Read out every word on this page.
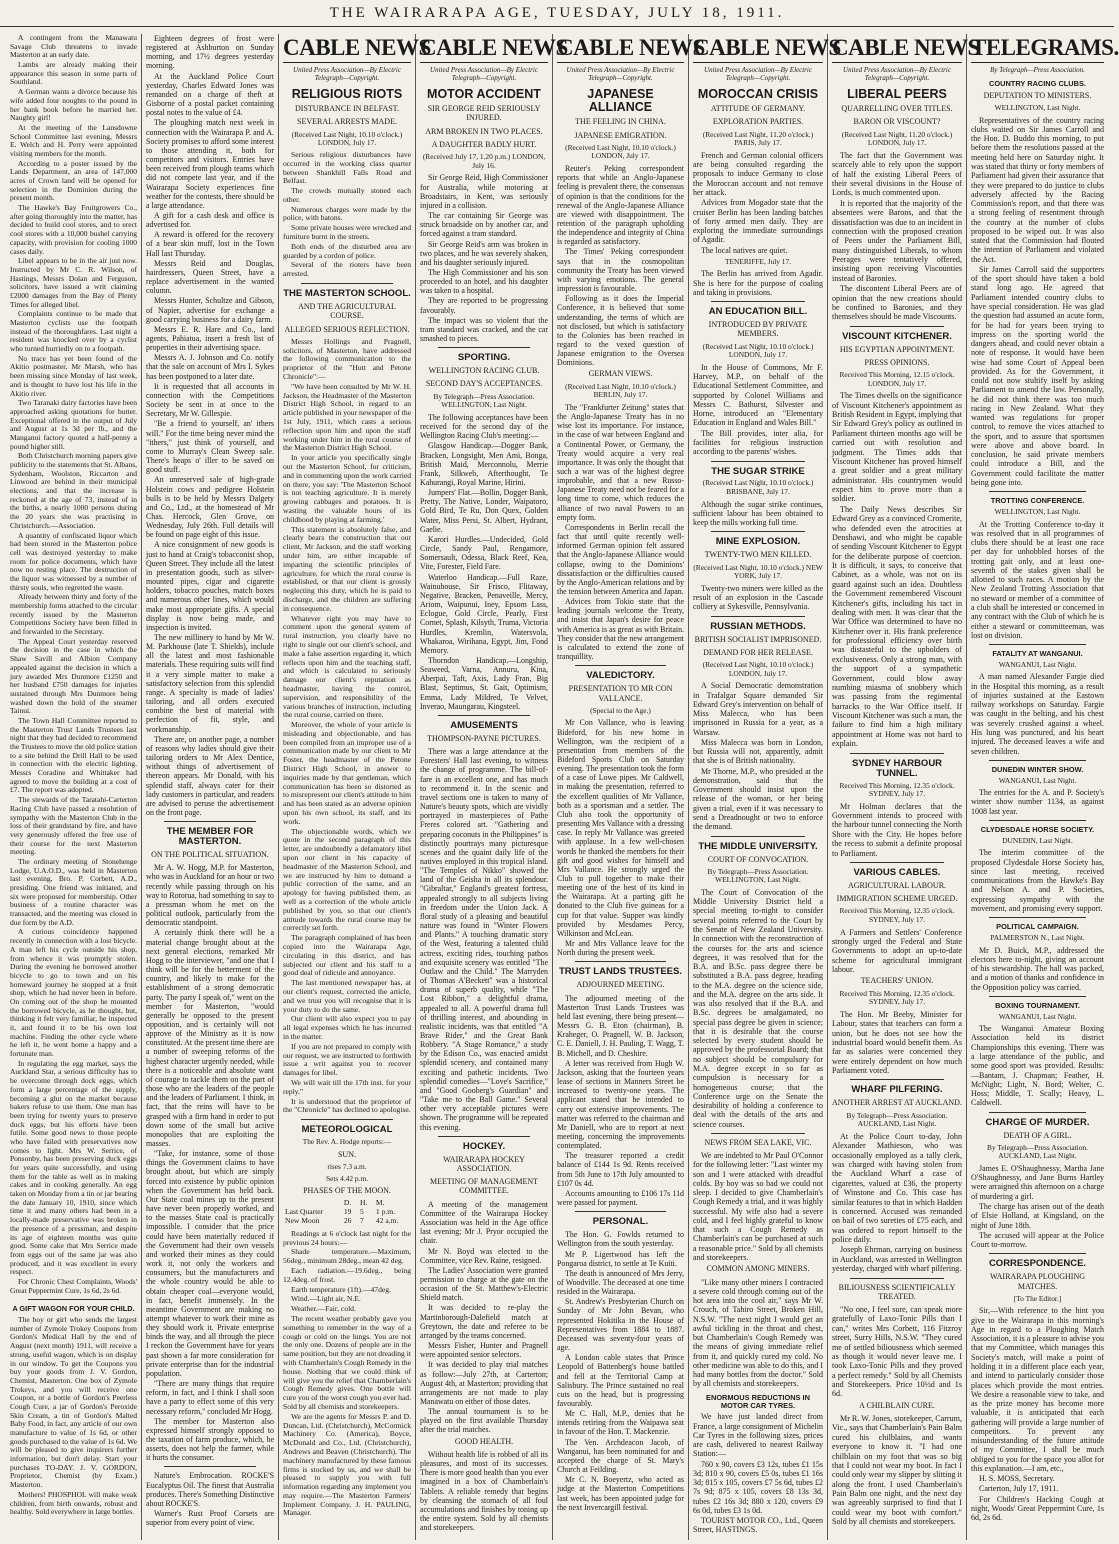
THE WAIRARAPA AGE, TUESDAY, JULY 18, 1911.

A contingent from the Manawatu Savage Club threatens to invade Masterton at an early date.

Lambs are already making their appearance this season in some parts of Southland.

A German wants a divorce because his wife added four noughts to the pound in her bank book before he married her. Naughty girl!

At the meeting of the Lansdowne School Committee last evening, Messrs E. Welch and H. Perry were appointed visiting members for the month.

According to a poster issued by the Lands Department, an area of 147,000 acres of Crown land will be opened for selection in the Dominion during the present month.

The Hawke's Bay Fruitgrowers Co., after going thoroughly into the matter, has decided to build cool stores, and to erect cool stores with a 10,000 bushel carrying capacity, with provision for cooling 1000 cases daily.

Libel appears to be in the air just now. Instructed by Mr C. R. Wilson, of Hastings, Messrs Dolan and Ferguson, solicitors, have issued a writ claiming £2000 damages from the Bay of Plenty Times for alleged libel.

Complaints continue to be made that Masterton cyclists use the footpath instead of the thoroughfares. Last night a resident was knocked over by a cyclist who turned hurriedly on to a footpath.

No trace has yet been found of the Akitio postmaster, Mr Marsh, who has been missing since Monday of last week, and is thought to have lost his life in the Akitio river.

Two Taranaki dairy factories have been approached asking quotations for butter. Exceptional offered in the output of July and August at 1s 3d per lb., and the Manganui factory quoted a half-penny a pound higher still.

Both Christchurch morning papers give publicity to the statements that St. Albans, Sydenham, Woolston, Riccarton and Linwood are behind in their municipal elections, and that the increase is reckoned at the age of 73, instead of in the births, a nearly 1000 persons during the 20 years she was practising in Christchurch.—Association.

A quantity of confiscated liquor which had been stored in the Masterton police cell was destroyed yesterday to make room for police documents, which have now no resting place. The destruction of the liquor was witnessed by a number of thirsty souls, who regretted the waste.

Already between thirty and forty of the membership forms attached to the circular recently issued by the Masterton Competitions Society have been filled in and forwarded to the Secretary.

The Appeal Court yesterday reserved the decision in the case in which the Shaw Savill and Albion Company appealed against the decision in which a jury awarded Mrs Dunmore £1250 and her husband £750 damages for injuries sustained through Mrs Dunmore being washed down the hold of the steamer Tainui.

The Town Hall Committee reported to the Masterton Trust Lands Trustees last night that they had decided to recommend the Trustees to move the old police station to a site behind the Drill Hall to be used in connection with the electric lighting. Messrs Coradine and Whittaker had agreed to move the building at a cost of £7. The report was adopted.

The stewards of the Taratahi-Carterton Racing Club have passed a resolution of sympathy with the Masterton Club in the loss of their grandstand by fire, and have very generously offered the free use of their course for the next Masterton meeting.

The ordinary meeting of Stonehenge Lodge, U.A.O.D., was held in Masterton last evening, Bro. P. Corbett, A.D., presiding. One friend was initiated, and six were proposed for membership. Other business of a routine character was transacted, and the meeting was closed in due form by the A.D.

A curious coincidence happened recently in connection with a lost bicycle. A man left his cycle outside his shop, from whence it was promptly stolen. During the evening he borrowed another bicycle to go to town and on his homeward journey he stopped at a fruit shop, which he had never been in before. On coming out of the shop he mounted the borrowed bicycle, as he thought, but, thinking it felt very familiar, he inspected it, and found it to be his own lost machine. Finding the other cycle where he left it, he went home a happy and a fortunate man.

In regulating the egg market, says the Auckland Star, a serious difficulty has to be overcome through dock eggs, which form a large percentage of the supply, becoming a glut on the market because bakers refuse to use them. One man has been trying for twenty years to preserve duck eggs, but his efforts have been futile. Some good news to those people who have failed with preservatives now comes to light. Mrs W. Serrice, of Ponsonby, has been preserving duck eggs for years quite successfully, and using them for the table as well as in making cakes and in cooking generally. An egg taken on Monday from a tin or jar bearing the date January 10, 1910, since which time it and many others had been in a locally-made preservative was broken in the presence of a pressman, and despite its age of eighteen months was quite good. Some cake that Mrs Serrice made from eggs out of the same jar was also produced, and it was excellent in every respect.

For Chronic Chest Complaints, Woods' Great Peppermint Cure, 1s 6d, 2s 6d.

A GIFT WAGON FOR YOUR CHILD.

The boy or girl who sends the largest number of Zymole Trokey Coupons from Gordon's Medical Hall by the end of August (next month) 1911, will receive a strong, useful wagon, which is on display in our window. To get the Coupons you buy your goods from J. V. Gordon, Chemist, Masterton. One box of Zymole Trokeys, and you will receive one Coupon, or a bottle of Gordon's Peerless Cough Cure, a jar of Gordon's Peroxide Skin Cream, a tin of Gordon's Malted Baby Food, in fact, any article of our own manufacture to value of 1s 6d, or other goods purchased to the value of 1s 6d. We will be pleased to give inquirers further information, but don't delay. Start your purchases TO-DAY. J. V. GORDON, Proprietor, Chemist (by Exam.) Masterton.

Mothers! PHOSPHOL will make weak children, from birth onwards, robust and healthy. Sold everywhere in large bottles.

Eighteen degrees of frost were registered at Ashburton on Sunday morning, and 17½ degrees yesterday morning.

At the Auckland Police Court yesterday, Charles Edward Jones was remanded on a charge of theft at Gisborne of a postal packet containing postal notes to the value of £4.

The ploughing match next week in connection with the Wairarapa P. and A. Society promises to afford some interest to those attending it, both for competitors and visitors. Entries have been received from plough teams which did not compete last year, and if the Wairarapa Society experiences fine weather for the contests, there should be a large attendance.

A gift for a cash desk and office is advertised for.

A reward is offered for the recovery of a bear skin muff, lost in the Town Hall last Thursday.

Messrs Reid and Douglas, hairdressers, Queen Street, have a replace advertisement in the wanted column.

Messrs Hunter, Schultze and Gibson, of Napier, advertise for exchange a good carrying business for a dairy farm.

Messrs E. R. Hare and Co., land agents, Pahiatua, insert a fresh list of properties in their advertising space.

Messrs A. J. Johnson and Co. notify that the sale on account of Mrs I. Sykes has been postponed to a later date.

It is requested that all accounts in connection with the Competitions Society be sent in at once to the Secretary, Mr W. Gillespie.

"Be a friend to yourself, an' ithers will." For the time being never mind the "ithers," just think of yourself, and come to Murray's Clean Sweep sale. There's heaps o' iller to be saved on good stuff.

An unreserved sale of high-grade Holstein cows and pedigree Holstein bulls is to be held by Messrs Dalgety and Co., Ltd., at the homestead of Mr Chas. Hercock, Glen Grove, on Wednesday, July 26th. Full details will be found on page eight of this issue.

A nice consignment of new goods is just to hand at Craig's tobacconist shop, Queen Street. They include all the latest in presentation goods, such as silver-mounted pipes, cigar and cigarette holders, tobacco pouches, match boxes and numerous other lines, which would make most appropriate gifts. A special display is now being made, and inspection is invited.

The new millinery to hand by Mr W. M. Parkhouse (late T. Shields), include all the latest and most fashionable materials. These requiring suits will find it a very simple matter to make a satisfactory selection from this splendid range. A specialty is made of ladies' tailoring, and all orders executed combine the best of material with perfection of fit, style, and workmanship.

There are, on another page, a number of reasons why ladies should give their tailoring orders to Mr Alex Dentice, without things of advertisement of thereon appears. Mr Donald, with his splendid staff, always cater for their lady customers in particular, and readers are advised to peruse the advertisement on the front page.

THE MEMBER FOR MASTERTON.
ON THE POLITICAL SITUATION.

Mr A. W. Hogg, M.P. for Masterton, who was in Auckland for an hour or two recently while passing through on his way to Rotorua, had something to say to a pressman whom he met on the political outlook, particularly from the democratic standpoint.

A certainly think there will be a material change brought about at the next general elections, remarked Mr Hogg to the interviewer, "and one that I think will be for the betterment of the country, and likely to make for the establishment of a strong democratic party. The party I speak of," went on the member for Masterton, "would generally be opposed to the present opposition, and is certainly will not approve of the Ministry as it is now constituted. At the present time there are a number of sweeping reforms of the highest character urgently needed, while there is a noticeable and absolute want of courage to tackle them on the part of those who are the leaders of the people and the leaders of Parliament. I think, in fact, that the reins will have to be grasped with a firm hand in order to put down some of the small but active monopolies that are exploiting the masses.

"Take, for instance, some of those things the Government claims to have brought about, but which are simply forced into existence by public opinion when the Government has held back. Our State coal mines up to the present have never been properly worked, and to the masses State coal is practically impossible. I consider that the price could have been materially reduced if the Government had their own vessels and worked their mines as they could work it, not only the workers and consumers, but the manufacturers and the whole country would be able to obtain cheaper coal—everyone would, in fact, benefit immensely. In the meantime Government are making no attempt whatever to work their mine as they should work it. Private enterprise binds the way, and all through the piece I reckon the Government have for years past shown a far more consideration for private enterprise than for the industrial population.

"There are many things that require reform, in fact, and I think I shall soon have a party to effect some of this very necessary reform," concluded Mr Hogg.

The member for Masterton also expressed himself strongly opposed to the taxation of farm produce, which, he asserts, does not help the farmer, while it hurts the consumer.

Nature's Embrocation. ROCKE'S Eucalyptus Oil. The finest that Australia produces. There's Something Distinctive about ROCKE'S.

Warner's Rust Proof Corsets are superior from every point of view.

CABLE NEWS
United Press Association—By Electric Telegraph—Copyright.
RELIGIOUS RIOTS
DISTURBANCE IN BELFAST.
SEVERAL ARRESTS MADE.
(Received Last Night, 10.10 o'clock.) LONDON, July 17.

Serious religious disturbances have occurred in the working class quarter between Shankhill Falls Road and Belfast.

The crowds mutually stoned each other.

Numerous charges were made by the police, with batons.

Some private houses were wrecked and furniture burnt in the streets.

Both ends of the disturbed area are guarded by a cordon of police.

Several of the rioters have been arrested.

THE MASTERTON SCHOOL.
AND THE AGRICULTURAL COURSE.
ALLEGED SERIOUS REFLECTION.

Messrs Hollings and Pragnell, solicitors, of Masterton, have addressed the following communication to the proprietor of the "Hutt and Petone Chronicle":—

"We have been consulted by Mr W. H. Jackson, the Headmaster of the Masterton District High School, in regard to an article published in your newspaper of the 1st July, 1911, which casts a serious reflection upon him and upon the staff working under him in the rural course of the Masterton District High School.

In your article you specifically single out the Masterton School, for criticism, and in commenting upon the work carried on there, you say: 'The Masterton School is not teaching agriculture. It is merely growing cabbages and potatoes. It is wasting the valuable hours of its childhood by playing at farming.'

This statement is absolutely false, and clearly bears the construction that our client, Mr Jackson, and the staff working under him, are either incapable of imparting the scientific principles of agriculture, for which the rural course is established, or that our client is grossly neglecting this duty, which he is paid to discharge, and the children are suffering in consequence.

Whatever right you may have to comment upon the general system of rural instruction, you clearly have no right to single out our client's school, and make a false assertion regarding it, which reflects upon him and the teaching staff, and which is calculated to seriously damage our client's reputation as headmaster, having the control, supervision, and responsibility of the various branches of instruction, including the rural course, carried on there.

Moreover, the whole of your article is misleading and objectionable, and has been compiled from an improper use of a communication made by our client to Mr Foster, the headmaster of the Petone District High School, in answer to inquiries made by that gentleman, which communication has been so distorted as to misrepresent our client's attitude to him and has been stated as an adverse opinion upon his own school, its staff, and its work.

The objectionable words, which we quote in the second paragraph of this letter, are undoubtedly a defamatory libel upon our client in his capacity of headmaster of the Masterton School, and we are instructed by him to demand a public correction of the same, and an apology for having published them, as well as a correction of the whole article published by you, so that our client's attitude towards the rural course may be correctly set forth.

The paragraph complained of has been copied into the Wairarapa Age, circulating in this district, and has subjected our client and his staff to a good deal of ridicule and annoyance.

The last mentioned newspaper has, at our client's request, corrected the article, and we trust you will recognise that it is your duty to do the same.

Our client will also expect you to pay all legal expenses which he has incurred in the matter.

If you are not prepared to comply with our request, we are instructed to forthwith issue a writ against you to recover damages for libel.

We will wait till the 17th inst. for your reply."

It is understood that the proprietor of the "Chronicle" has declined to apologise.

METEOROLOGICAL
The Rev. A. Hodge reports:—
SUN.
rises 7.3 a.m.
Sets 4.42 p.m.
PHASES OF THE MOON.
	D.	H.	M.
Last Quarter	19	5	1 p.m.
New Moon	26	7	42 a.m.

Readings at 6 o'clock last night for the previous 24 hours:—

Shade temperature.—Maximum, 56deg., minimum 28deg., mean 42 deg.

Each radiation.—19.6deg., being 12.4deg. of frost.

Earth temperature (1ft).—47deg.

Wind.—Light air, N.E.

Weather.—Fair, cold.

The recent weather probably gave you something to remember in the way of a cough or cold on the lungs. You are not the only one. Dozens of people are in the same position, but they are not dreading it with Chamberlain's Cough Remedy in the house. Nothing that we could think of will give you the relief that Chamberlain's Cough Remedy gives. One bottle will cure you of the worst cough you ever had. Sold by all chemists and storekeepers.

We are the agents for Messrs P. and D. Duncan, Ltd. (Christchurch), McCormick Machinery Co. (America), Boyce, McDonald and Co., Ltd. (Christchurch), Andrews and Beaven (Christchurch). The machinery manufactured by these famous firms is stocked by us, and we shall be pleased to supply you with full information regarding any implement you may require.—The Masterton Farmers' Implement Company, J. H. PAULING, Manager.

CABLE NEWS
United Press Association—By Electric Telegraph—Copyright.
MOTOR ACCIDENT
SIR GEORGE REID SERIOUSLY INJURED.
ARM BROKEN IN TWO PLACES.
A DAUGHTER BADLY HURT.
(Received July 17, 1.20 p.m.) LONDON, July 16.

Sir George Reid, High Commissioner for Australia, while motoring at Broadstairs, in Kent, was seriously injured in a collision.

The car containing Sir George was struck broadside on by another car, and forced against a tram standard.

Sir George Reid's arm was broken in two places, and he was severely shaken, and his daughter seriously injured.

The High Commissioner and his son proceeded to an hotel, and his daughter was taken to a hospital.

They are reported to be progressing favourably.

The impact was so violent that the tram standard was cracked, and the car smashed to pieces.

SPORTING.
WELLINGTON RACING CLUB.
SECOND DAY'S ACCEPTANCES.
By Telegraph—Press Association. WELLINGTON, Last Night.

The following acceptances have been received for the second day of the Wellington Racing Club's meeting:—

Glasgow Handicap.—Dogger Bank, Bracken, Longsight, Men Ami, Bonga, British Maid, Merconnolu, Merrie Frank, Silkweb, Afterthought, Te Kahurangi, Royal Marine, Hirini.

Jumpers' Flat.—Bollin, Dogger Bank, Pretty, The Native, Londer, Waipatoro, Gold Bird, Te Ru, Don Quex, Golden Water, Miss Persi, St. Albert, Hydrant, Gaelie.

Karori Hurdles.—Undecided, Gold Circle, Sandy Paul, Rengamore, Somersault, Odessa, Black Reef, Kea, Vite, Forester, Field Fare.

Waterloo Handicap.—Full Raze, Wainuhouse, Sir Frisco, Flitaway, Negative, Bracken, Penaveille, Mercy, Ariom, Waipunui, Iney, Epsom Lass, Eclogue, Gold Circle, Pearly, First Cornet, Splash, Kilsyth, Truma, Victoria Hurdles, Kremlin, Watersvola, Whakaroa, Wirihana, Egypt, Jim, Fond Memory.

Thorndon Handicap.—Longship, Seaweed, Varna, Annuru, Kina, Aberpai, Taft, Axis, Lady Fran, Big Blast, Septimus, St. Gait, Optimism, Emma, Lady Mildred, Te Velvet, Inverao, Maungarau, Kingsteel.

AMUSEMENTS
THOMPSON-PAYNE PICTURES.

There was a large attendance at the Foresters' Hall last evening, to witness the change of programme. The bill-of-fare is an excellent one, and has much to recommend it. In the scenic and travel sections one is taken to many of Nature's beauty spots, which are vividly portrayed in masterpieces of Pathe Freres colored art. "Gathering and preparing coconuts in the Philippines" is distinctly pourtrays many picturesque scenes and the quaint daily life of the natives employed in this tropical island. "The Temples of Nikko" showed the land of the Geisha in all its splendour. "Gibraltar," England's greatest fortress, appealed strongly to all subjects living in freedom under the Union Jack. A floral study of a pleasing and beautiful nature was found in "Winter Flowers and Plants." A touching dramatic story of the West, featuring a talented child actress, exciting rides, touching pathos and exquisite scenery was entitled "The Outlaw and the Child." The Marryden of Thomas A'Beckett" was a historical drama of superb quality, while "The Lost Ribbon," a delightful drama, appealed to all. A powerful drama full of thrilling interest, and abounding in realistic incidents, was that entitled "A Brave Rider," and the Great Bank Robbery. "A Stage Romance," a study by the Edison Co., was enacted amidst splendid scenery, and contained many exciting and pathetic incidents. Two splendid comedies—"Love's Sacrifice," and "Good Gooberg's Guardian" and "Take me to the Ball Game." Several other very acceptable pictures were shown. The programme will be repeated this evening.

HOCKEY.
WAIRARAPA HOCKEY ASSOCIATION.
MEETING OF MANAGEMENT COMMITTEE.

A meeting of the management Committee of the Wairarapa Hockey Association was held in the Age office last evening; Mr J. Pryor occupied the chair.

Mr N. Boyd was elected to the Committee, vice Rev. Raine, resigned.

The Ladies' Association were granted permission to charge at the gate on the occasion of the St. Matthew's-Electric Shield match.

It was decided to re-play the Martinborough-Dalefield match at Greytown, the date and referee to be arranged by the teams concerned.

Messrs Fisher, Hunter and Pragnell were appointed senior selectors.

It was decided to play trial matches as follow:—July 27th, at Carterton; August 4th, at Masterton; providing that arrangements are not made to play Manawatu on either of those dates.

The annual tournament is to be played on the first available Thursday after the trial matches.

GOOD HEALTH.

Without health life is robbed of all its pleasures, and most of its successes. There is more good health than you ever imagined in a box of Chamberlain's Tablets. A reliable remedy that begins by cleansing the stomach of all foul accumulations and finishes by toning up the entire system. Sold by all chemists and storekeepers.

CABLE NEWS
United Press Association—By Electric Telegraph—Copyright.
JAPANESE ALLIANCE
THE FEELING IN CHINA.
JAPANESE EMIGRATION.
(Received Last Night, 10.10 o'clock.) LONDON, July 17.

Reuter's Peking correspondent reports that while an Anglo-Japanese feeling is prevalent there, the consensus of opinion is that the conditions for the renewal of the Anglo-Japanese Alliance are viewed with disappointment. The retention of the paragraph upholding the independence and integrity of China is regarded as satisfactory.

The Times' Peking correspondent says that in the cosmopolitan community the Treaty has been viewed with varying emotions. The general impression is favourable.

Following as it does the Imperial Conference, it is believed that some understanding, the terms of which are not disclosed, but which is satisfactory to the Colonies has been reached in regard to the vexed question of Japanese emigration to the Oversea Dominions.

GERMAN VIEWS.
(Received Last Night, 10.10 o'clock.) BERLIN, July 17.

The "Frankfurter Zeitung" states that the Anglo-Japanese Treaty has in no wise lost its importance. For instance, in the case of war between England and a Continental Power, or Germany, the Treaty would acquire a very real importance. It was only the thought that such a war was of the highest degree improbable, and that a new Russo-Japanese Treaty need not be feared for a long time to come, which reduces the alliance of two naval Powers to an empty form.

Correspondents in Berlin recall the fact that until quite recently well-informed German opinion felt assured that the Anglo-Japanese Alliance would collapse, owing to the Dominions' dissatisfaction or the difficulties caused by the Anglo-American relations and by the tension between America and Japan.

Advices from Tokio state that the leading journals welcome the Treaty, and insist that Japan's desire for peace with America is as great as with Britain. They consider that the new arrangement is calculated to extend the zone of tranquillity.

VALEDICTORY.
PRESENTATION TO MR CON VALLANCE.
(Special to the Age.)

Mr Con Vallance, who is leaving Bideford, for his new home in Wellington, was the recipient of a presentation from members of the Bideford Sports Club on Saturday evening. The presentation took the form of a case of Lowe pipes. Mr Caldwell, in making the presentation, referred to the excellent qualities of Mr Vallance, both as a sportsman and a settler. The Club also took the opportunity of presenting Mrs Vallance with a dressing case. In reply Mr Vallance was greeted with applause. In a few well-chosen words he thanked the members for their gift and good wishes for himself and Mrs Vallance. He strongly urged the Club to pull together to make their meeting one of the best of its kind in the Wairarapa. At a parting gift he donated to the Club five guineas for a cup for that value. Supper was kindly provided by Mesdames Percy, Wilkinson and McLean.

Mr and Mrs Vallance leave for the North during the present week.

TRUST LANDS TRUSTEES.
ADJOURNED MEETING.

The adjourned meeting of the Masterton Trust Lands Trustees was held last evening, there being present—Messrs G. B. Eton (chairman), B. Kraheger, O. Pragnell, W. B. Jackson, C. E. Daniell, J. H. Pauling, T. Wagg, T. B. Michell, and D. Cheshire.

A letter was received from Hugh W. Jackson, asking that the fourteen years lease of sections in Manners Street be increased to twenty-one years. The applicant stated that he intended to carry out extensive improvements. The matter was referred to the chairman and Mr Daniell, who are to report at next meeting, concerning the improvements contemplated.

The treasurer reported a credit balance of £144 1s 9d. Rents received from 5th June to 17th July amounted to £107 0s 4d.

Accounts amounting to £106 17s 11d were passed for payment.

PERSONAL.

The Hon. G. Fowlds returned to Wellington from the south yesterday.

Mr P. Ligertwood has left the Pongaroa district, to settle at Te Kuiti.

The death is announced of Mrs Jerry, of Woodville. The deceased at one time resided in the Wairarapa.

St. Andrew's Presbyterian Church on Sunday of Mr John Bevan, who represented Hokitika in the House of Representatives from 1884 to 1887. Deceased was seventy-four years of age.

A London cable states that Prince Leopold of Battenberg's house battled and fell at the Territorial Camp at Salisbury. The Prince sustained no real cuts on the head, but is progressing favourably.

Mr C. Hall, M.P., denies that he intends retiring from the Waipawa seat in favour of the Hon. T. Mackenzie.

The Ven. Archdeacon Jacob, of Wanganui, has been nominated for and accepted the charge of St. Mary's Church at Feilding.

Mr C. N. Boeyertz, who acted as judge at the Masterton Competitions last week, has been appointed judge for the next Invercargill festival.

CABLE NEWS
United Press Association—By Electric Telegraph—Copyright.
MOROCCAN CRISIS
ATTITUDE OF GERMANY.
EXPLORATION PARTIES.
(Received Last Night, 11.20 o'clock.) PARIS, July 17.

French and German colonial officers are being consulted regarding the proposals to induce Germany to close the Moroccan account and not remove her attack.

Advices from Mogador state that the cruiser Berlin has been landing batches of forty armed men daily. They are exploring the immediate surroundings of Agadir.

The local natives are quiet.

TENERIFFE, July 17.

The Berlin has arrived from Agadir. She is here for the purpose of coaling and taking in provisions.

AN EDUCATION BILL.
INTRODUCED BY PRIVATE MEMBERS.
(Received Last Night, 10.10 o'clock.) LONDON, July 17.

In the House of Commons, Mr F. Harvey, M.P., on behalf of the Educational Settlement Committee, and supported by Colonel Williams and Messrs C. Bathurst, Silvester and Horne, introduced an "Elementary Education in England and Wales Bill."

The Bill provides, inter alia, for facilities for religious instruction according to the parents' wishes.

THE SUGAR STRIKE
(Received Last Night, 10.10 o'clock.) BRISBANE, July 17.

Although the sugar strike continues, sufficient labour has been obtained to keep the mills working full time.

MINE EXPLOSION.
TWENTY-TWO MEN KILLED.
(Received Last Night, 10.10 o'clock.) NEW YORK, July 17.

Twenty-two miners were killed as the result of an explosion in the Cascade colliery at Sykesville, Pennsylvania.

RUSSIAN METHODS.
BRITISH SOCIALIST IMPRISONED.
DEMAND FOR HER RELEASE.
(Received Last Night, 10.10 o'clock.) LONDON, July 17.

A Social Democratic demonstration in Trafalgar Square demanded Sir Edward Grey's intervention on behalf of Miss Malecca, who has been imprisoned in Russia for a year, as a Warsaw.

Miss Malecca was born in London, but Russia will not, apparently, admit that she is of British nationality.

Mr Thorne, M.P., who presided at the demonstration, said that the Government should insist upon the release of the woman, or her being given a trial, even if it was necessary to send a Dreadnought or two to enforce the demand.

THE MIDDLE UNIVERSITY.
COURT OF CONVOCATION.
By Telegraph—Press Association. WELLINGTON, Last Night.

The Court of Convocation of the Middle University District held a special meeting to-night to consider several points referred to the Court by the Senate of New Zealand University. In connection with the reconstruction of the courses for the arts and science degrees, it was resolved that for the B.A. and B.Sc. pass degree there be substituted a B.A. pass degree, heading to the M.A. degree on the science side, and the M.A. degree on the arts side. It was also resolved that if the B.A. and B.Sc. degrees be amalgamated, no special pass degree be given in science; that it is desirable that the course selected by every student should be approved by the professorial Board; that no subject should be compulsory for M.A. degree except in so far as compulsion is necessary for a homogeneous course; that the Conference urge on the Senate the desirability of holding a conference to deal with the details of the arts and science courses.

NEWS FROM SEA LAKE, VIC.

We are indebted to Mr Paul O'Connor for the following letter: "Last winter my son and I were attacked with dreadful colds. By boy was so bad we could not sleep. I decided to give Chamberlain's Cough Remedy a trial, and it was highly successful. My wife also had a severe cold, and I feel highly grateful to know that such a Cough Remedy as Chamberlain's can be purchased at such a reasonable price." Sold by all chemists and storekeepers.

COMMON AMONG MINERS.

"Like many other miners I contracted a severe cold through coming out of the hot area into the cool air," says Mr W. Crouch, of Tahiro Street, Broken Hill, N.S.W. "The next night I would get an awful tickling in the throat and chest, but Chamberlain's Cough Remedy was the means of giving immediate relief from it, and quickly cured my cold. No other medicine was able to do this, and I had many bottles from the doctor." Sold by all chemists and storekeepers.

ENORMOUS REDUCTIONS IN MOTOR CAR TYRES.

We have just landed direct from France, a large consignment of Michelin Car Tyres in the following sizes, prices are cash, delivered to nearest Railway Station:—

760 x 90, covers £3 12s, tubes £1 15s 3d; 810 x 90, covers £5 0s, tubes £1 16s 3d; 815 x 105, covers £7 5s 6d, tubes £2 7s 9d; 875 x 105, covers £8 13s 3d, tubes £2 16s 3d; 880 x 120, covers £9 6s 0d, tubes £3 1s 0d.

TOURIST MOTOR CO., Ltd., Queen Street, HASTINGS.

CABLE NEWS
United Press Association—By Electric Telegraph—Copyright.
LIBERAL PEERS
QUARRELLING OVER TITLES.
BARON OR VISCOUNT?
(Received Last Night, 11.20 o'clock.) LONDON, July 17.

The fact that the Government was scarcely able to rely upon the support of half the existing Liberal Peers of their several divisions in the House of Lords, is much commented upon.

It is reported that the majority of the absentees were Barons, and that the dissatisfaction was due to an incident in connection with the proposed creation of Peers under the Parliament Bill, many distinguished Liberals, to whom Peerages were tentatively offered, insisting upon receiving Viscounties instead of Baronies.

The discontent Liberal Peers are of opinion that the new creations should be confined to Baronies, and they themselves should be made Viscounts.

VISCOUNT KITCHENER.
HIS EGYPTIAN APPOINTMENT.
PRESS OPINIONS.
Received This Morning, 12.15 o'clock. LONDON, July 17.

The Times dwells on the significance of Viscount Kitchener's appointment as British Resident in Egypt, implying that Sir Edward Grey's policy as outlined in Parliament thirteen months ago will be carried out with resolution and judgment. The Times adds that Viscount Kitchener has proved himself a great soldier and a great military administrator. His countrymen would expect him to prove more than a soldier.

The Daily News describes Sir Edward Grey as a convinced Cromerite, who defended even the atrocities at Denshawi, and who might be capable of sending Viscount Kitchener to Egypt for the deliberate purpose of coercion. It is difficult, it says, to conceive that Cabinet, as a whole, was not on its guard against such an idea. Doubtless the Government remembered Viscount Kitchener's gifts, including his tact in dealing with men. It was clear that the War Office was determined to have no Kitchener over it. His frank preference for professional efficiency over birth was distasteful to the upholders of exclusiveness. Only a strong man, with the support of a sympathetic Government, could blow away numbing miasma of snobbery which was passing from the regimental barracks to the War Office itself. If Viscount Kitchener was such a man, the failure to find him a high military appointment at Home was not hard to explain.

SYDNEY HARBOUR TUNNEL.
Received This Morning, 12.35 o'clock. SYDNEY, July 17.

Mr Holman declares that the Government intends to proceed with the harbour tunnel connecting the North Shore with the City. He hopes before the recess to submit a definite proposal to Parliament.

VARIOUS CABLES.
AGRICULTURAL LABOUR.
IMMIGRATION SCHEME URGED.
Received This Morning, 12.35 o'clock. SYDNEY, July 17.

A Farmers and Settlers' Conference strongly urged the Federal and State Governments to adopt an up-to-date scheme for agricultural immigrant labour.

TEACHERS' UNION.
Received This Morning, 12.35 o'clock. SYDNEY, July 17.

The Hon. Mr Beeby, Minister for Labour, states that teachers can form a union, but he does not see how the industrial board would benefit them. As far as salaries were concerned they were entirely dependent on how much Parliament voted.

WHARF PILFERING.
ANOTHER ARREST AT AUCKLAND.
By Telegraph—Press Association. AUCKLAND, Last Night.

At the Police Court to-day, John Alexander Mathieson, who was occasionally employed as a tally clerk, was charged with having stolen from the Auckland Wharf a case of cigarettes, valued at £36, the property of Winstone and Co. This case has similar features to that in which Hadden is concerned. Accused was remanded on bail of two sureties of £75 each, and was ordered to report himself to the police daily.

Joseph Ehrman, carrying on business in Auckland, was arrested in Wellington yesterday, charged with wharf pilfering.

BILIOUSNESS SCIENTIFICALLY TREATED.

"No one, I feel sure, can speak more gratefully of Laxo-Tonic Pills than I can," writes Mrs Corbett, 116 Fitzroy street, Surry Hills, N.S.W. "They cured me of settled biliousness which seemed as though it would never leave me. I took Laxo-Tonic Pills and they proved a perfect remedy." Sold by all Chemists and Storekeepers. Price 10½d and 1s 6d.

A CHILBLAIN CURE.

Mr R. W. Jones, storekeeper, Carrum, Vic., says that Chamberlain's Pain Balm cured his chilblains, and wants everyone to know it. "I had one chilblain on my foot that was so big that I could not wear my boot. In fact I could only wear my slipper by slitting it along the front. I used Chamberlain's Pain Balm one night, and the next day was agreeably surprised to find that I could wear my boot with comfort." Sold by all chemists and storekeepers.

TELEGRAMS.
By Telegraph—Press Association.
COUNTRY RACING CLUBS.
DEPUTATION TO MINISTERS.
WELLINGTON, Last Night.

Representatives of the country racing clubs waited on Sir James Carroll and the Hon. D. Buddo this morning, to put before them the resolutions passed at the meeting held here on Saturday night. It was stated that thirty or forty members of Parliament had given their assurance that they were prepared to do justice to clubs adversely affected by the Racing Commission's report, and that there was a strong feeling of resentment through the country at the number of clubs proposed to be wiped out. It was also stated that the Commission had flouted the intention of Parliament and violated the Act.

Sir James Carroll said the supporters of the sport should have taken a bold stand long ago. He agreed that Parliament intended country clubs to have special consideration. He was glad the question had assumed an acute form, for he had for years been trying to impress on the sporting world the dangers ahead, and could never obtain a note of response. It would have been wise had some Court of Appeal been provided. As for the Government, it could not now stultify itself by asking Parliament to amend the law. Personally, he did not think there was too much racing in New Zealand. What they wanted was regulations for proper control, to remove the vices attached to the sport, and to assure that sportsmen were above and above board. In conclusion, he said private members could introduce a Bill, and the Government could facilitate the matter being gone into.

TROTTING CONFERENCE.
WELLINGTON, Last Night.

At the Trotting Conference to-day it was resolved that in all programmes of clubs there should be at least one race per day for unhobbled horses of the trotting gait only, and at least one-seventh of the stakes given shall be allotted to such races. A motion by the New Zealand Trotting Association that no steward or member of a committee of a club shall be interested or concerned in any contract with the Club of which he is either a steward or committeeman, was lost on division.

FATALITY AT WANGANUI.
WANGANUI, Last Night.

A man named Alexander Fargie died in the Hospital this morning, as a result of injuries sustained at the Eastown railway workshops on Saturday. Fargie was caught in the belting, and his chest was severely crushed against a wheel. His lung was punctured, and his heart injured. The deceased leaves a wife and seven children.

DUNEDIN WINTER SHOW.
WANGANUI, Last Night.

The entries for the A. and P. Society's winter show number 1134, as against 1008 last year.

CLYDESDALE HORSE SOCIETY.
DUNEDIN, Last Night.

The interim committee of the proposed Clydesdale Horse Society has, since last meeting, received communications from the Hawke's Bay and Nelson A. and P. Societies, expressing sympathy with the movement, and promising every support.

POLITICAL CAMPAIGN.
PALMERSTON N., Last Night.

Mr D. Buick, M.P., addressed the electors here to-night, giving an account of his stewardship. The hall was packed, and a motion of thanks and confidence in the Opposition policy was carried.

BOXING TOURNAMENT.
WANGANUI, Last Night.

The Wanganui Amateur Boxing Association held its district Championships this evening. There was a large attendance of the public, and some good sport was provided. Results:—Bantam, J. Chapman; Feather, H. McNight; Light, N. Bord; Welter, C. Hoss; Middle, T. Scally; Heavy, L. Caldwell.

CHARGE OF MURDER.
DEATH OF A GIRL.
By Telegraph—Press Association. AUCKLAND, Last Night.

James E. O'Shaughnessy, Martha Jane O'Shaughnessy, and Jane Burns Hartley were arraigned this afternoon on a charge of murdering a girl.

The charge has arisen out of the death of Elsie Holland, at Kingsland, on the night of June 18th.

The accused will appear at the Police Court to-morrow.

CORRESPONDENCE.
WAIRARAPA PLOUGHING MATCHES.
[To The Editor.]

Sir,—With reference to the hint you give to the Wairarapa in this morning's Age in regard to a Ploughing Match Association, it is a pleasure to advise you that my Committee, which manages this Society's match, will make a point of holding it in a different place each year, and intend to particularly consider those places which provide the most entries. We desire a reasonable view to take, and as the prize money has become more valuable, it is anticipated that each gathering will provide a large number of competitors. To prevent any misunderstanding of the future attitude of my Committee, I shall be much obliged to you for the space you allot for this explanation.—I am, etc.,

H. S. MOSS, Secretary.

Carterton, July 17, 1911.

For Children's Hacking Cough at night, Woods' Great Peppermint Cure, 1s 6d, 2s 6d.
